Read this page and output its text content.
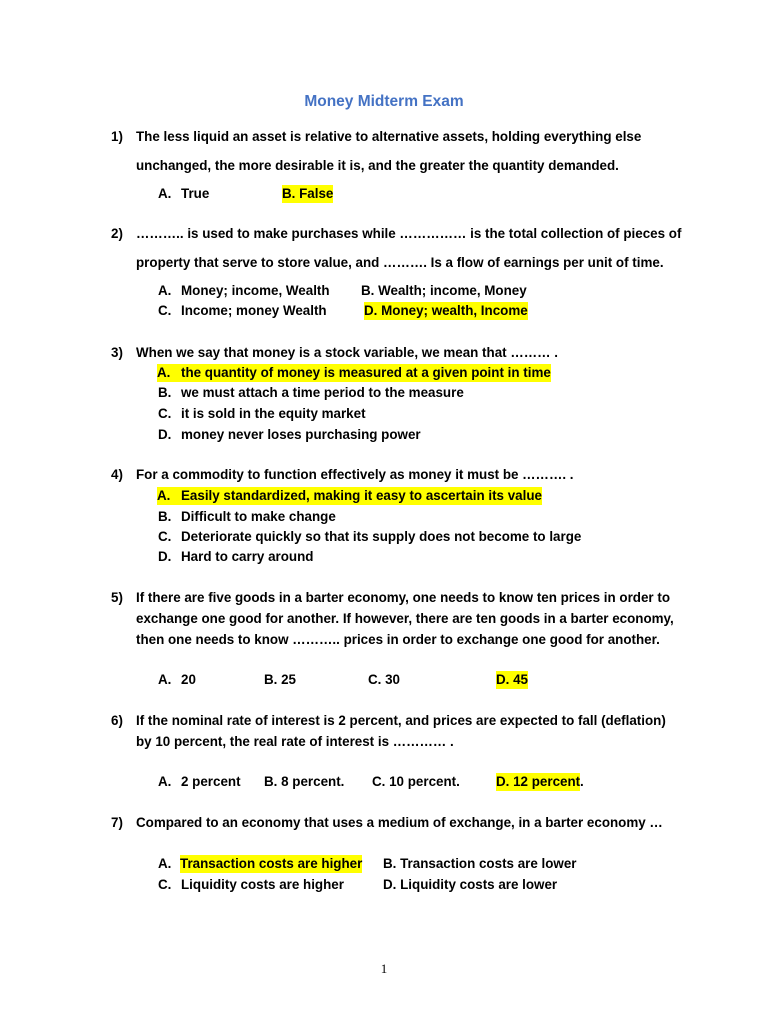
Money Midterm Exam
1) The less liquid an asset is relative to alternative assets, holding everything else
unchanged, the more desirable it is, and the greater the quantity demanded.
A. True	B. False
2) ……….. is used to make purchases while …………… is the total collection of pieces of
property that serve to store value, and ………. Is a flow of earnings per unit of time.
A. Money; income, Wealth B. Wealth; income, Money
C. Income; money Wealth	D. Money; wealth, Income
3) When we say that money is a stock variable, we mean that ……… .
A. the quantity of money is measured at a given point in time
B. we must attach a time period to the measure
C. it is sold in the equity market
D. money never loses purchasing power
4) For a commodity to function effectively as money it must be ………. .
A. Easily standardized, making it easy to ascertain its value
B. Difficult to make change
C. Deteriorate quickly so that its supply does not become to large
D. Hard to carry around
5) If there are five goods in a barter economy, one needs to know ten prices in order to
exchange one good for another. If however, there are ten goods in a barter economy,
then one needs to know ……….. prices in order to exchange one good for another.
A. 20	B. 25	C. 30	D. 45
6) If the nominal rate of interest is 2 percent, and prices are expected to fall (deflation)
by 10 percent, the real rate of interest is ………… .
A. 2 percent B. 8 percent. C. 10 percent.	D. 12 percent .
7) Compared to an economy that uses a medium of exchange, in a barter economy …
A. Transaction costs are higher B. Transaction costs are lower
C. Liquidity costs are higher	D. Liquidity costs are lower
1
